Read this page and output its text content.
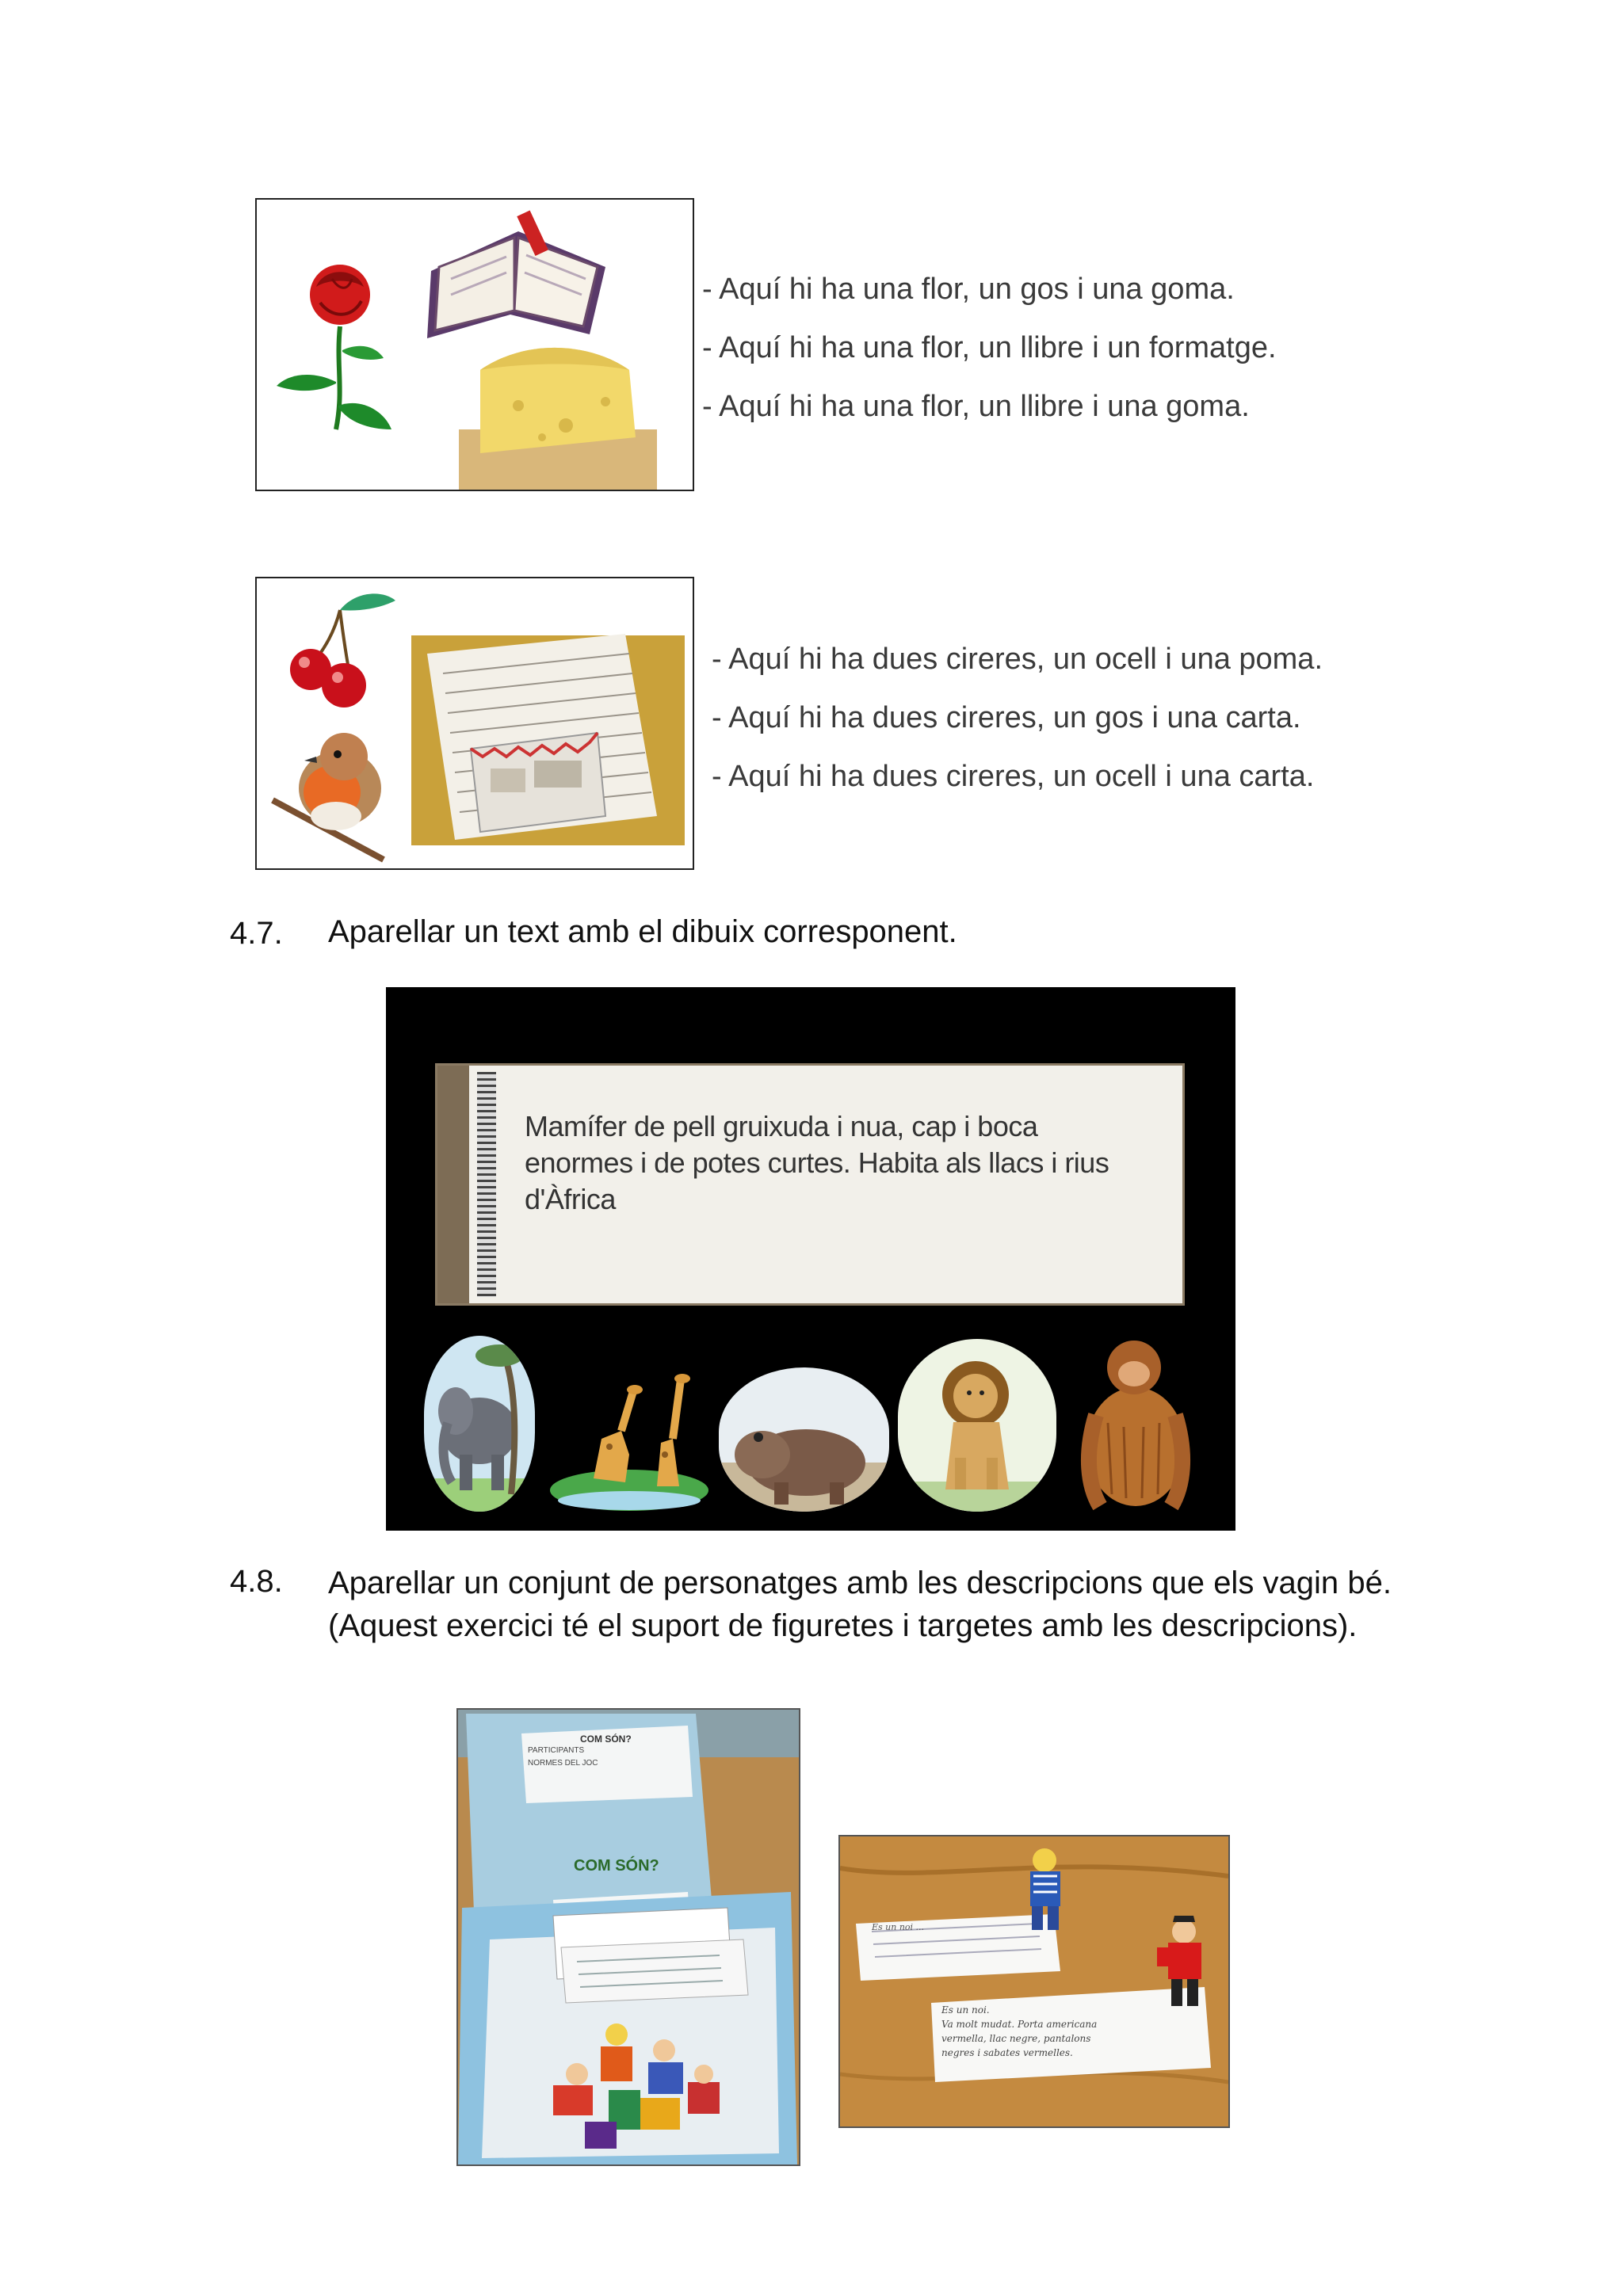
- Aquí hi ha una flor, un gos i una goma.
- Aquí hi ha una flor, un llibre i un formatge.
- Aquí hi ha una flor, un llibre i una goma.
- Aquí hi ha dues cireres, un ocell i una poma.
- Aquí hi ha dues cireres, un gos i una carta.
- Aquí hi ha dues cireres, un ocell i una carta.
4.7. Aparellar un text amb el dibuix corresponent.
Mamífer de pell gruixuda i nua, cap i boca
enormes i de potes curtes. Habita als llacs i rius
d'Àfrica
4.8. Aparellar un conjunt de personatges amb les descripcions que els vagin bé. (Aquest exercici té el suport de figuretes i targetes amb les descripcions).
COM SÓN?
PARTICIPANTS
NORMES DEL JOC
COM SÓN?
Es un noi ...
Es un noi.
Va molt mudat. Porta americana
vermella, llac negre, pantalons
negres i sabates vermelles.
